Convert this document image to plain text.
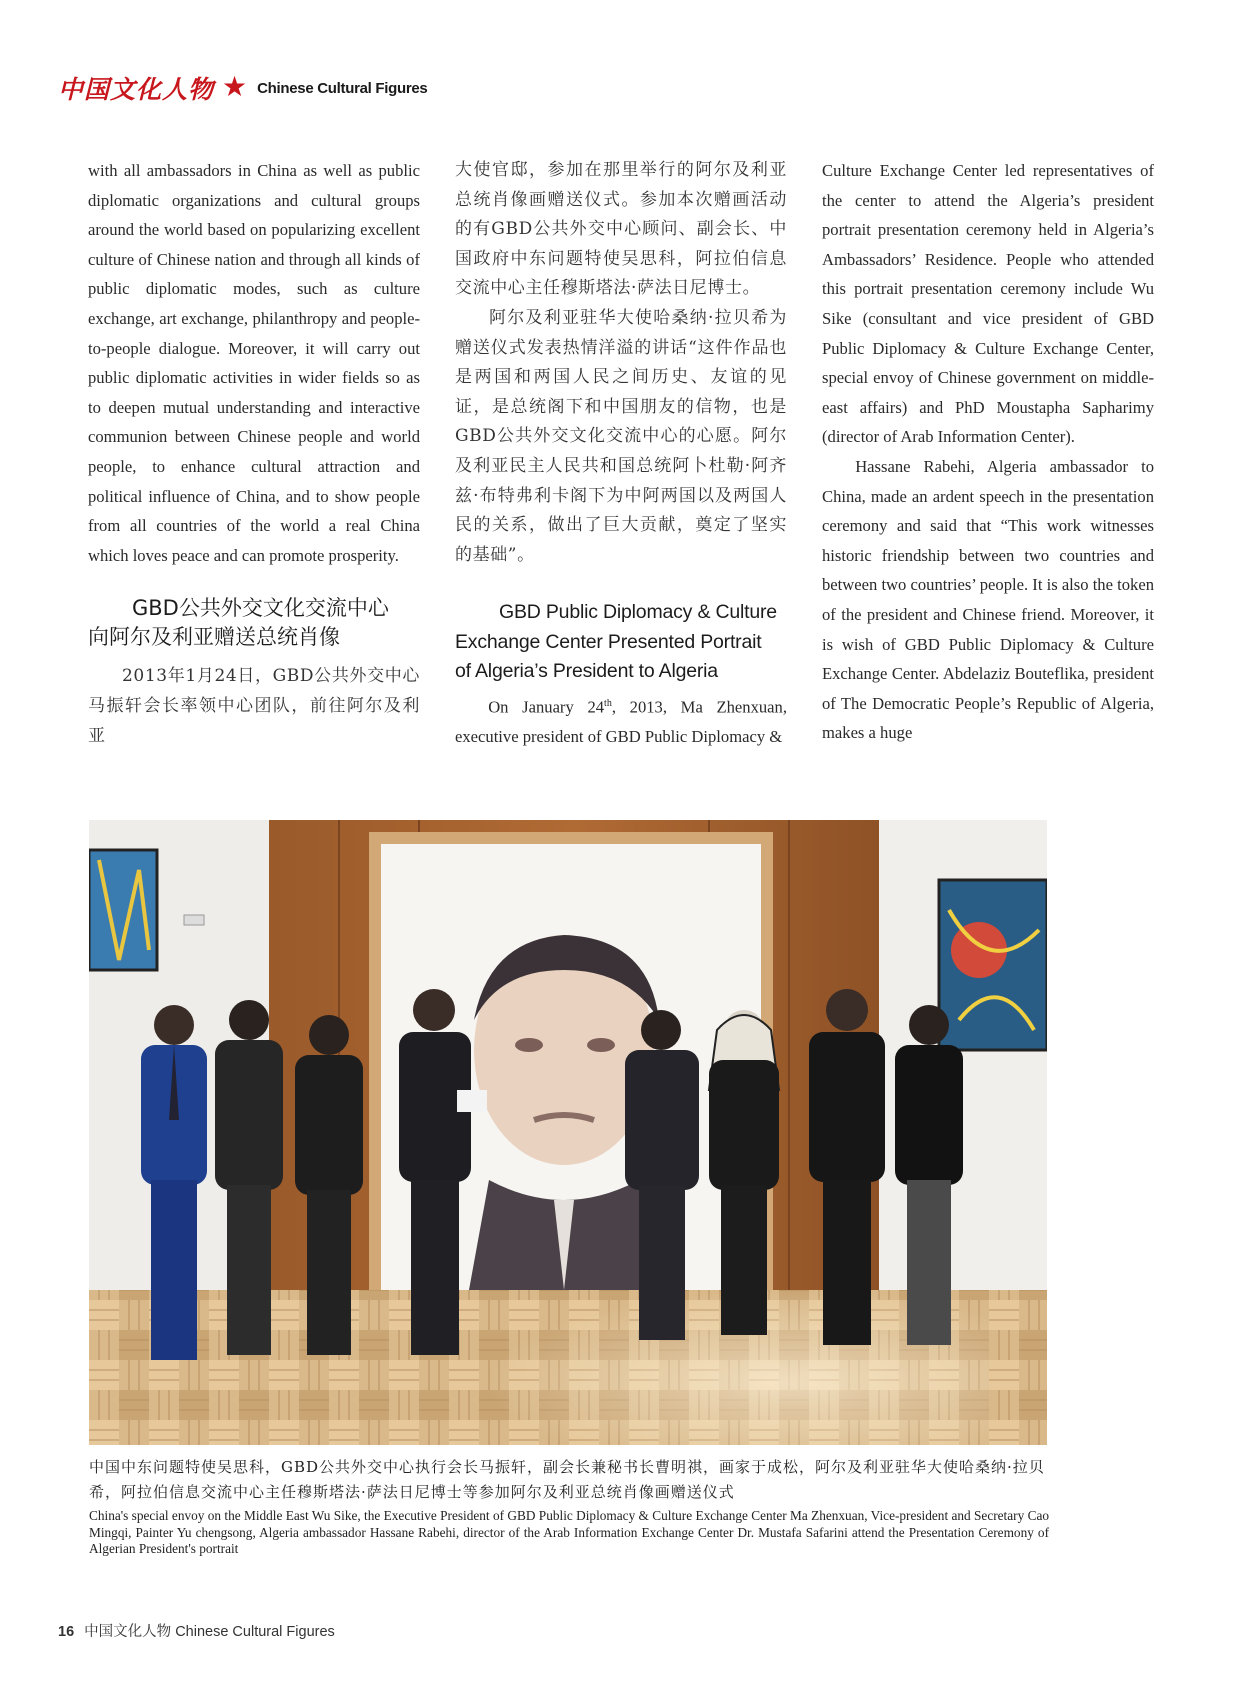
中国文化人物 ★ Chinese Cultural Figures

with all ambassadors in China as well as public diplomatic organizations and cultural groups around the world based on popularizing excellent culture of Chinese nation and through all kinds of public diplomatic modes, such as culture exchange, art exchange, philanthropy and people-to-people dialogue. Moreover, it will carry out public diplomatic activities in wider fields so as to deepen mutual understanding and interactive communion between Chinese people and world people, to enhance cultural attraction and political influence of China, and to show people from all countries of the world a real China which loves peace and can promote prosperity.

GBD公共外交文化交流中心
向阿尔及利亚赠送总统肖像

2013年1月24日，GBD公共外交中心马振轩会长率领中心团队，前往阿尔及利亚

大使官邸，参加在那里举行的阿尔及利亚总统肖像画赠送仪式。参加本次赠画活动的有GBD公共外交中心顾问、副会长、中国政府中东问题特使吴思科，阿拉伯信息交流中心主任穆斯塔法·萨法日尼博士。

阿尔及利亚驻华大使哈桑纳·拉贝希为赠送仪式发表热情洋溢的讲话“这件作品也是两国和两国人民之间历史、友谊的见证，是总统阁下和中国朋友的信物，也是GBD公共外交文化交流中心的心愿。阿尔及利亚民主人民共和国总统阿卜杜勒·阿齐兹·布特弗利卡阁下为中阿两国以及两国人民的关系，做出了巨大贡献，奠定了坚实的基础”。

GBD Public Diplomacy & Culture
Exchange Center Presented Portrait
of Algeria’s President to Algeria

On January 24th, 2013, Ma Zhenxuan, executive president of GBD Public Diplomacy &

Culture Exchange Center led representatives of the center to attend the Algeria’s president portrait presentation ceremony held in Algeria’s Ambassadors’ Residence. People who attended this portrait presentation ceremony include Wu Sike (consultant and vice president of GBD Public Diplomacy & Culture Exchange Center, special envoy of Chinese government on middle-east affairs) and PhD Moustapha Sapharimy (director of Arab Information Center).

Hassane Rabehi, Algeria ambassador to China, made an ardent speech in the presentation ceremony and said that “This work witnesses historic friendship between two countries and between two countries’ people. It is also the token of the president and Chinese friend. Moreover, it is wish of GBD Public Diplomacy & Culture Exchange Center. Abdelaziz Bouteflika, president of The Democratic People’s Republic of Algeria, makes a huge

中国中东问题特使吴思科，GBD公共外交中心执行会长马振轩，副会长兼秘书长曹明祺，画家于成松，阿尔及利亚驻华大使哈桑纳·拉贝希，阿拉伯信息交流中心主任穆斯塔法·萨法日尼博士等参加阿尔及利亚总统肖像画赠送仪式
China's special envoy on the Middle East Wu Sike, the Executive President of GBD Public Diplomacy & Culture Exchange Center Ma Zhenxuan, Vice-president and Secretary Cao Mingqi, Painter Yu chengsong, Algeria ambassador Hassane Rabehi, director of the Arab Information Exchange Center Dr. Mustafa Safarini attend the Presentation Ceremony of Algerian President's portrait
16 中国文化人物 Chinese Cultural Figures
